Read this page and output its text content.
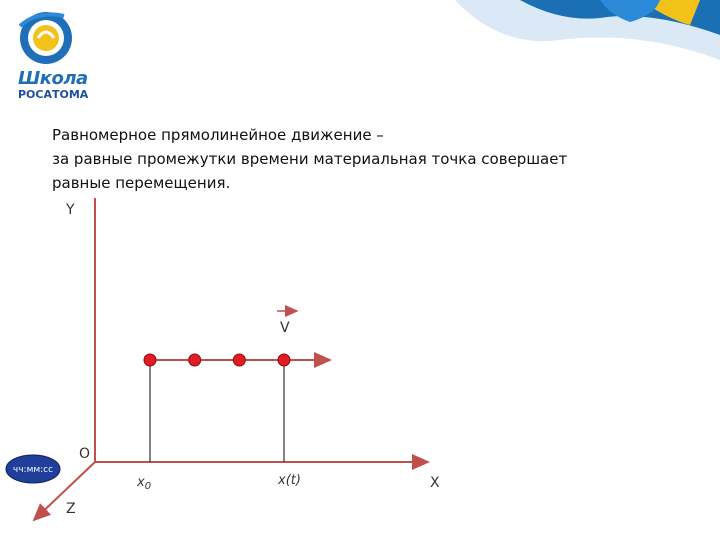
Школа
РОСАТОМА
Равномерное прямолинейное движение –
за равные промежутки времени материальная точка совершает
равные перемещения.
Y
X
Z
O
V
$x_0$	x(t)
чч:мм:сс
